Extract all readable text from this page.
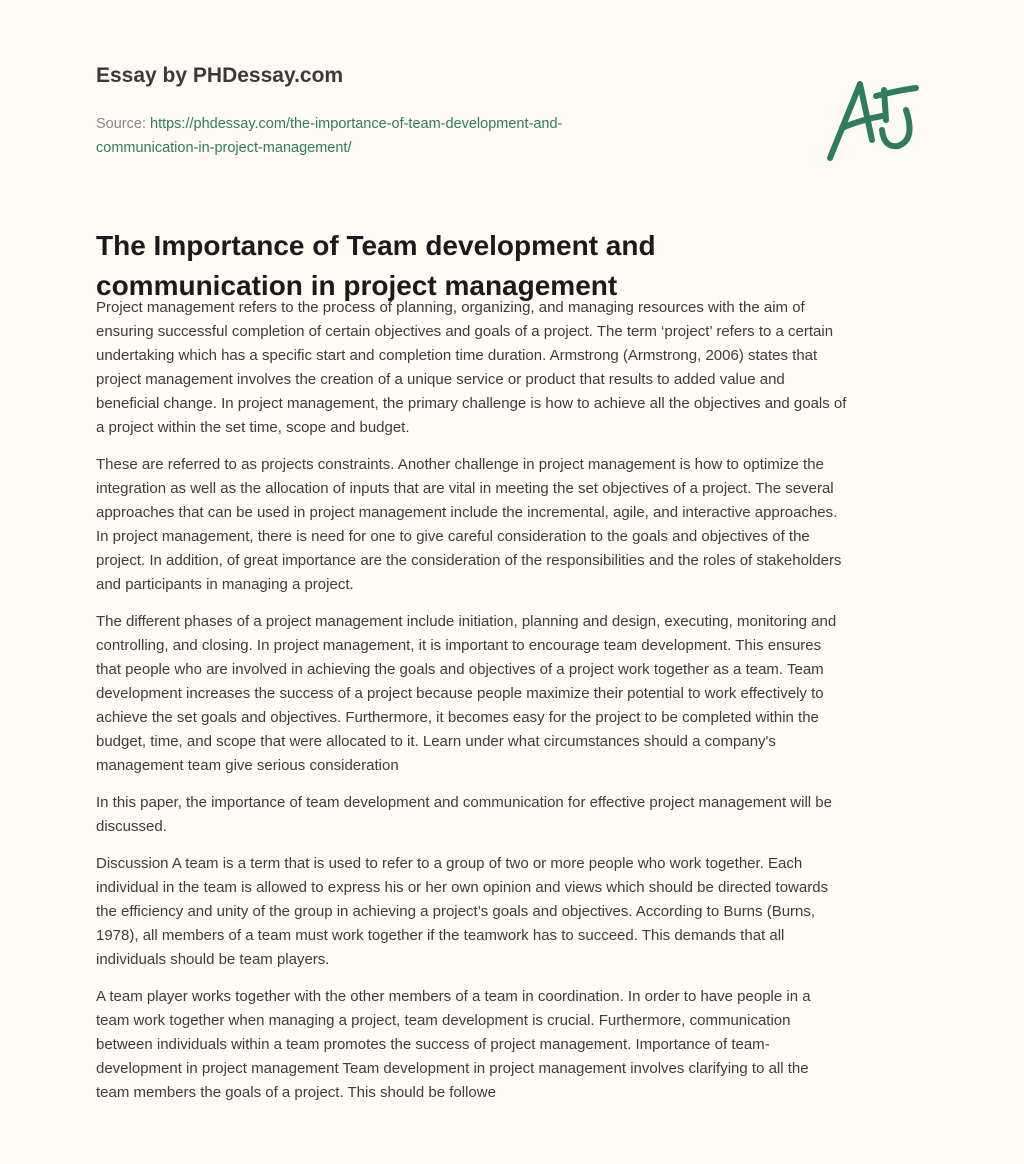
Essay by PHDessay.com
Source: https://phdessay.com/the-importance-of-team-development-and-
communication-in-project-management/
The Importance of Team development and
communication in project management

Project management refers to the process of planning, organizing, and managing resources with the aim of
ensuring successful completion of certain objectives and goals of a project. The term ‘project’ refers to a certain
undertaking which has a specific start and completion time duration. Armstrong (Armstrong, 2006) states that
project management involves the creation of a unique service or product that results to added value and
beneficial change. In project management, the primary challenge is how to achieve all the objectives and goals of
a project within the set time, scope and budget.

These are referred to as projects constraints. Another challenge in project management is how to optimize the
integration as well as the allocation of inputs that are vital in meeting the set objectives of a project. The several
approaches that can be used in project management include the incremental, agile, and interactive approaches.
In project management, there is need for one to give careful consideration to the goals and objectives of the
project. In addition, of great importance are the consideration of the responsibilities and the roles of stakeholders
and participants in managing a project.

The different phases of a project management include initiation, planning and design, executing, monitoring and
controlling, and closing. In project management, it is important to encourage team development. This ensures
that people who are involved in achieving the goals and objectives of a project work together as a team. Team
development increases the success of a project because people maximize their potential to work effectively to
achieve the set goals and objectives. Furthermore, it becomes easy for the project to be completed within the
budget, time, and scope that were allocated to it. Learn under what circumstances should a company's
management team give serious consideration

In this paper, the importance of team development and communication for effective project management will be
discussed.

Discussion A team is a term that is used to refer to a group of two or more people who work together. Each
individual in the team is allowed to express his or her own opinion and views which should be directed towards
the efficiency and unity of the group in achieving a project’s goals and objectives. According to Burns (Burns,
1978), all members of a team must work together if the teamwork has to succeed. This demands that all
individuals should be team players.

A team player works together with the other members of a team in coordination. In order to have people in a
team work together when managing a project, team development is crucial. Furthermore, communication
between individuals within a team promotes the success of project management. Importance of team-
development in project management Team development in project management involves clarifying to all the
team members the goals of a project. This should be followe
